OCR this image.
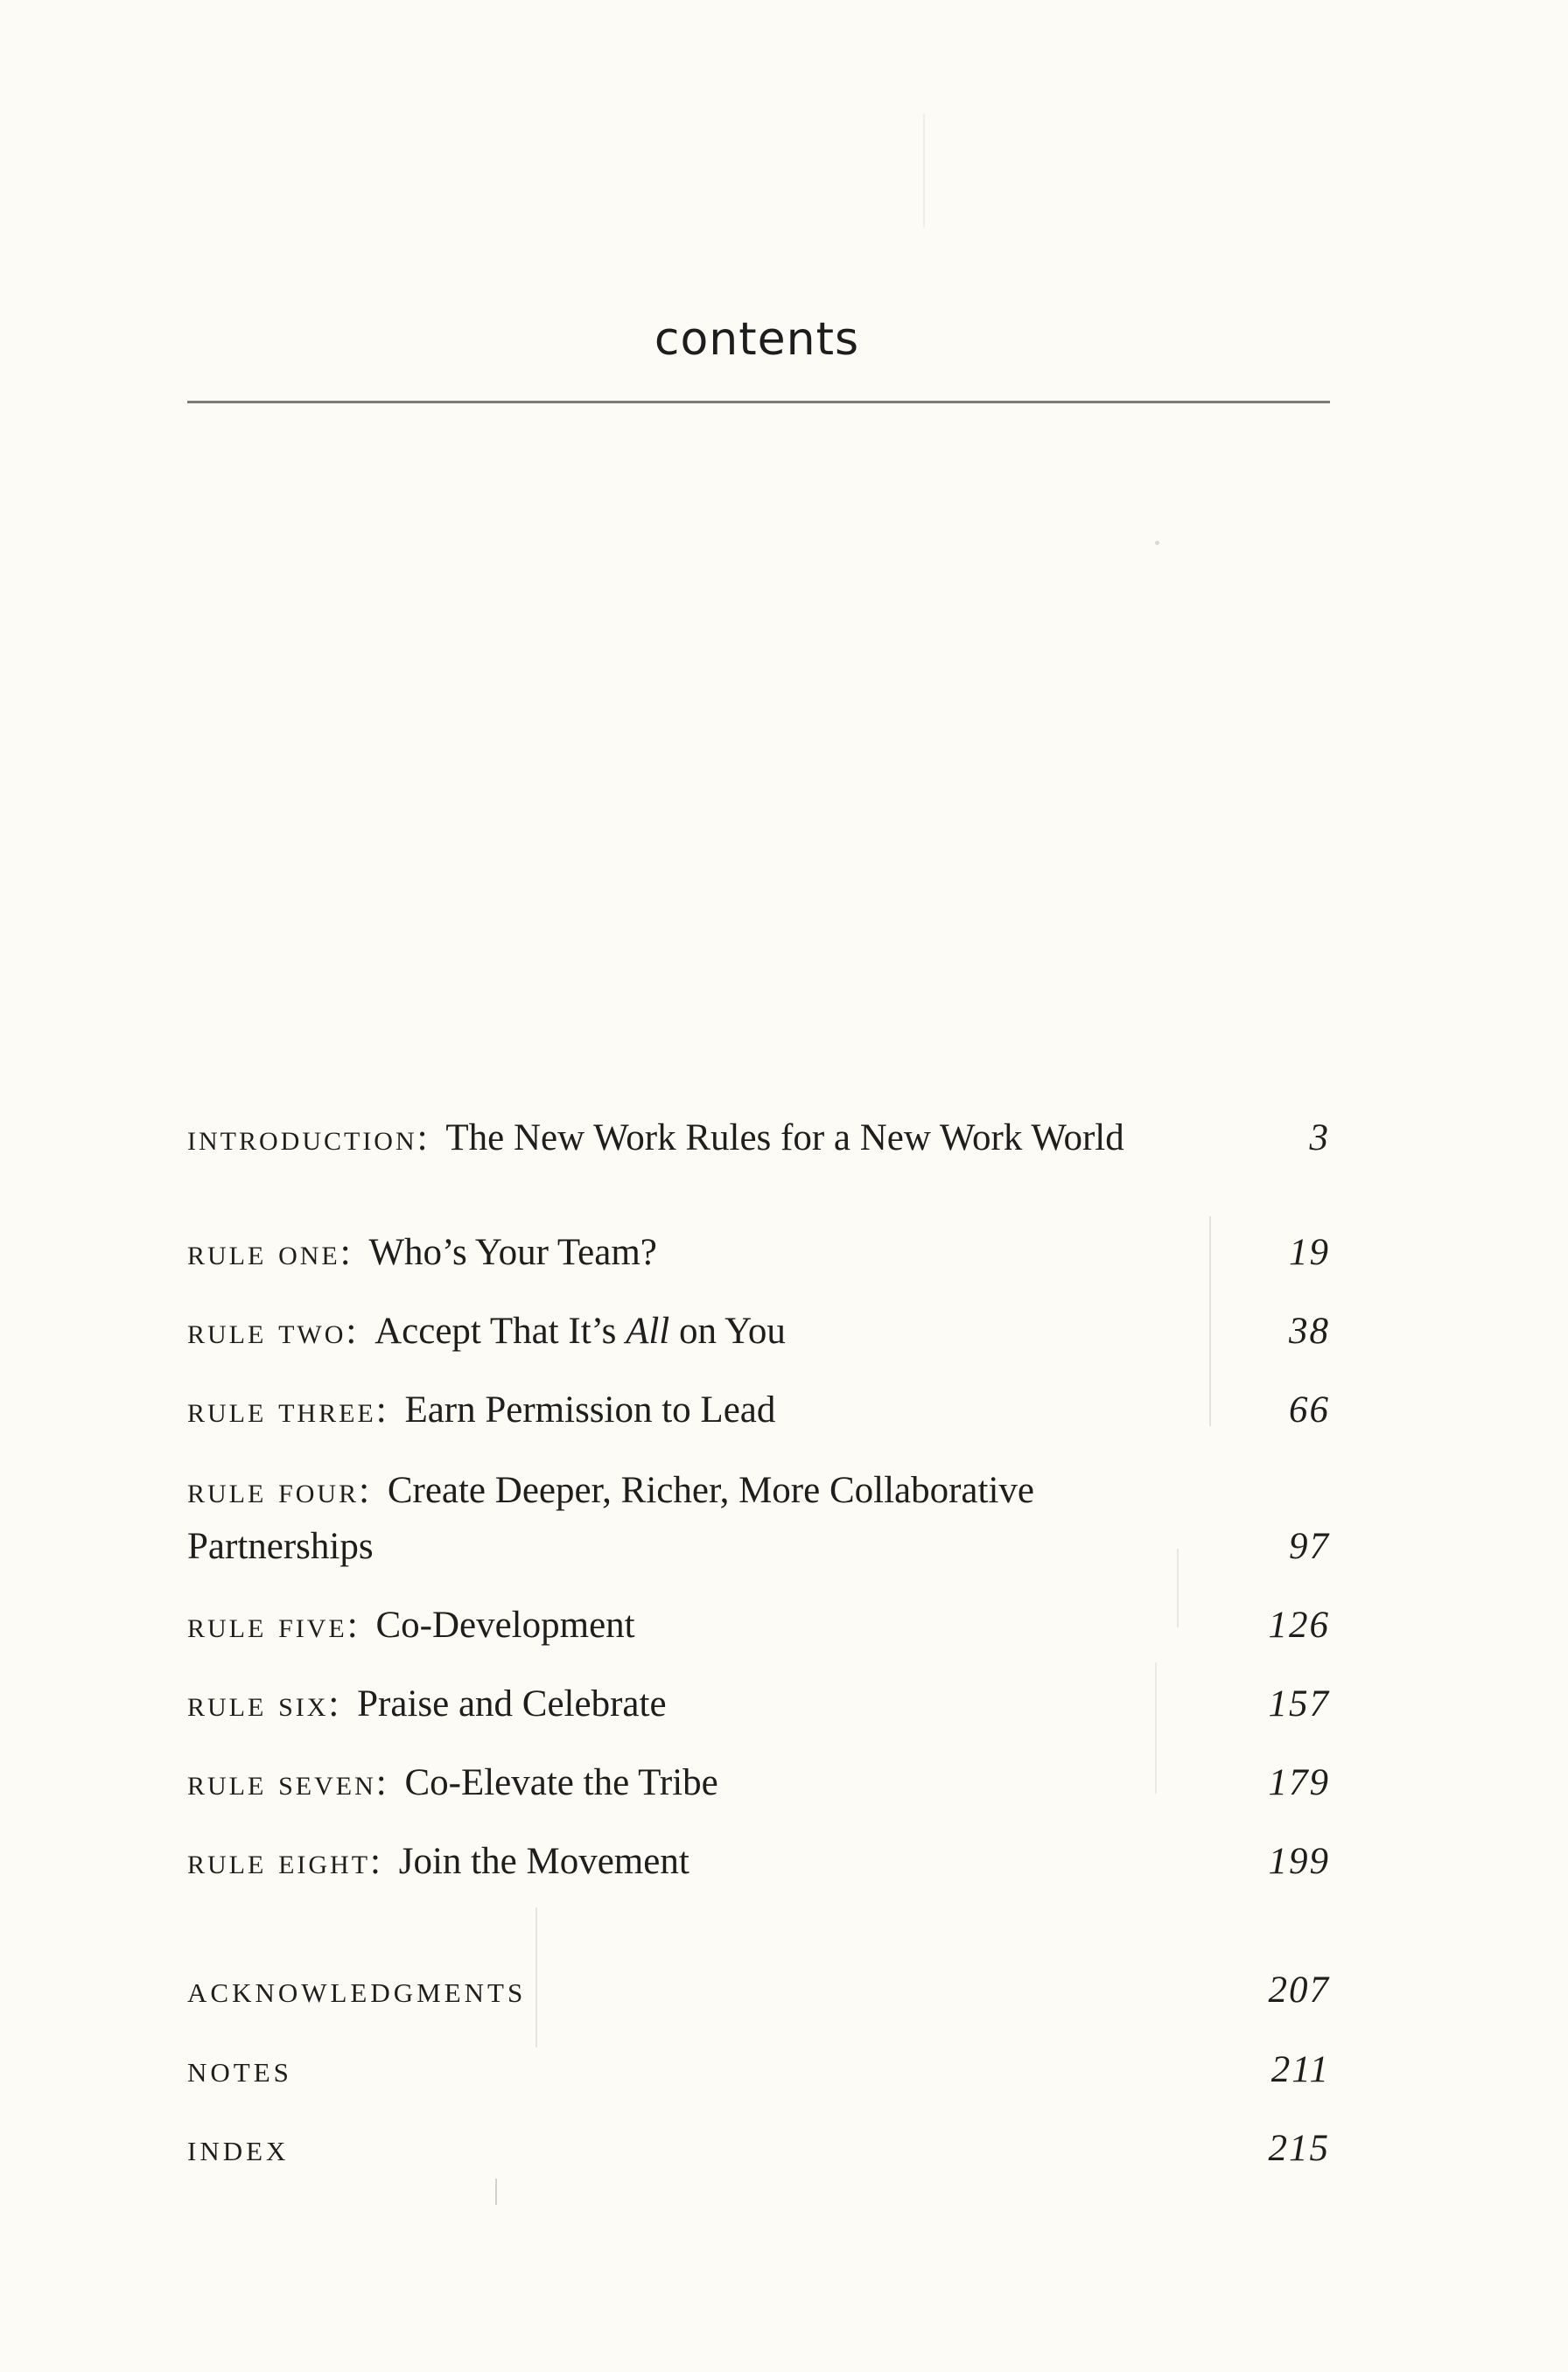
contents
introduction: The New Work Rules for a New Work World	3
rule one: Who’s Your Team?	19
rule two: Accept That It’s All on You	38
rule three: Earn Permission to Lead	66
rule four: Create Deeper, Richer, More Collaborative
Partnerships	97
rule five: Co-Development	126
rule six: Praise and Celebrate	157
rule seven: Co-Elevate the Tribe	179
rule eight: Join the Movement	199
ACKNOWLEDGMENTS	207
NOTES	211
INDEX	215
